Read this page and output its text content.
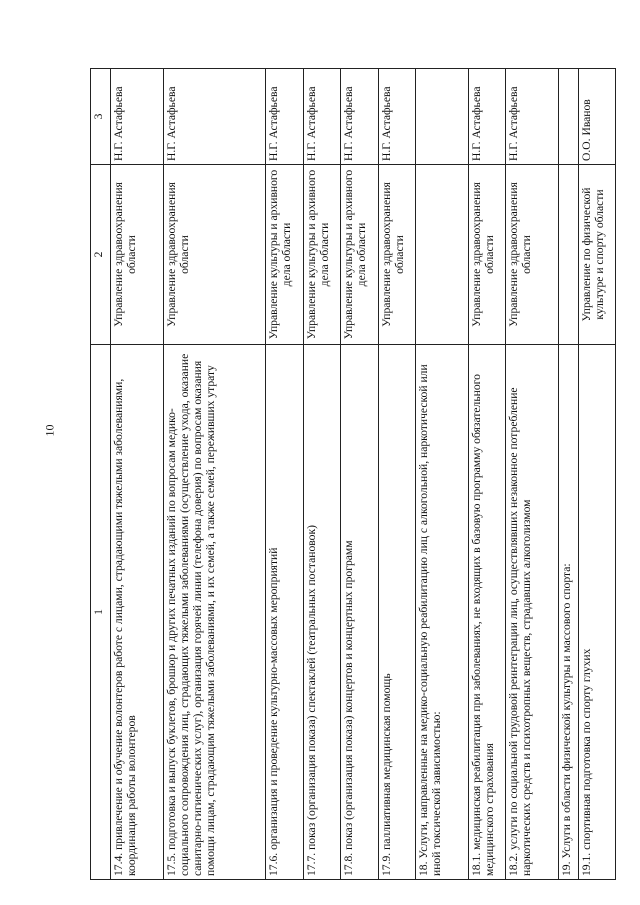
10
1	2	3
17.4. привлечение и обучение волонтеров работе с лицами, страдающими тяжелыми заболеваниями, координация работы волонтеров	Управление здравоохранения области	Н.Г. Астафьева
17.5. подготовка и выпуск буклетов, брошюр и других печатных изданий по вопросам медико-социального сопровождения лиц, страдающих тяжелыми заболеваниями (осуществление ухода, оказание санитарно-гигиенических услуг), организация горячей линии (телефона доверия) по вопросам оказания помощи лицам, страдающим тяжелыми заболеваниями, и их семей, а также семей, переживших утрату	Управление здравоохранения области	Н.Г. Астафьева
17.6. организация и проведение культурно-массовых мероприятий	Управление культуры и архивного дела области	Н.Г. Астафьева
17.7. показ (организация показа) спектаклей (театральных постановок)	Управление культуры и архивного дела области	Н.Г. Астафьева
17.8. показ (организация показа) концертов и концертных программ	Управление культуры и архивного дела области	Н.Г. Астафьева
17.9. паллиативная медицинская помощь	Управление здравоохранения области	Н.Г. Астафьева
18. Услуги, направленные на медико-социальную реабилитацию лиц с алкогольной, наркотической или иной токсической зависимостью:		
18.1. медицинская реабилитация при заболеваниях, не входящих в базовую программу обязательного медицинского страхования	Управление здравоохранения области	Н.Г. Астафьева
18.2. услуги по социальной трудовой реинтеграции лиц, осуществлявших незаконное потребление наркотических средств и психотропных веществ, страдавших алкоголизмом	Управление здравоохранения области	Н.Г. Астафьева
19. Услуги в области физической культуры и массового спорта:		
19.1. спортивная подготовка по спорту глухих	Управление по физической культуре и спорту области	О.О. Иванов
